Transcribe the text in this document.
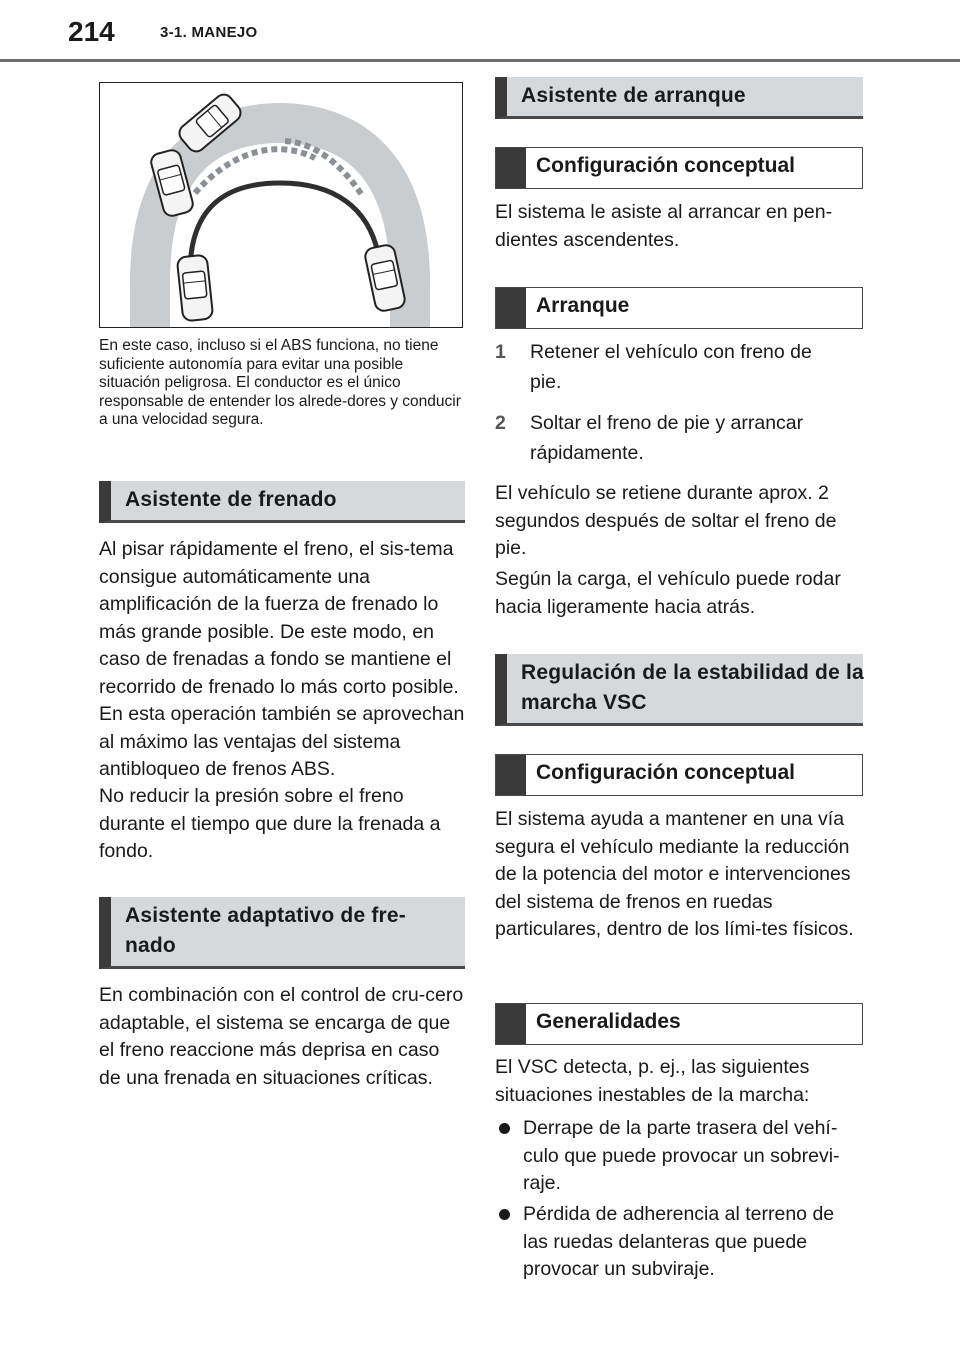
214	3-1. MANEJO
En este caso, incluso si el ABS funciona, no tiene suficiente autonomía para evitar una posible situación peligrosa. El conductor es el único responsable de entender los alrede-dores y conducir a una velocidad segura.
Asistente de frenado
Al pisar rápidamente el freno, el sis-tema consigue automáticamente una amplificación de la fuerza de frenado lo más grande posible. De este modo, en caso de frenadas a fondo se mantiene el recorrido de frenado lo más corto posible. En esta operación también se aprovechan al máximo las ventajas del sistema antibloqueo de frenos ABS.
No reducir la presión sobre el freno durante el tiempo que dure la frenada a fondo.
Asistente adaptativo de fre-nado
En combinación con el control de cru-cero adaptable, el sistema se encarga de que el freno reaccione más deprisa en caso de una frenada en situaciones críticas.
Asistente de arranque
Configuración conceptual
El sistema le asiste al arrancar en pen-dientes ascendentes.
Arranque
1 Retener el vehículo con freno de pie.
2 Soltar el freno de pie y arrancar rápidamente.
El vehículo se retiene durante aprox. 2 segundos después de soltar el freno de pie.
Según la carga, el vehículo puede rodar hacia ligeramente hacia atrás.
Regulación de la estabilidad de la marcha VSC
Configuración conceptual
El sistema ayuda a mantener en una vía segura el vehículo mediante la reducción de la potencia del motor e intervenciones del sistema de frenos en ruedas particulares, dentro de los lími-tes físicos.
Generalidades
El VSC detecta, p. ej., las siguientes situaciones inestables de la marcha:
Derrape de la parte trasera del vehí-culo que puede provocar un sobrevi-raje.
Pérdida de adherencia al terreno de las ruedas delanteras que puede provocar un subviraje.
